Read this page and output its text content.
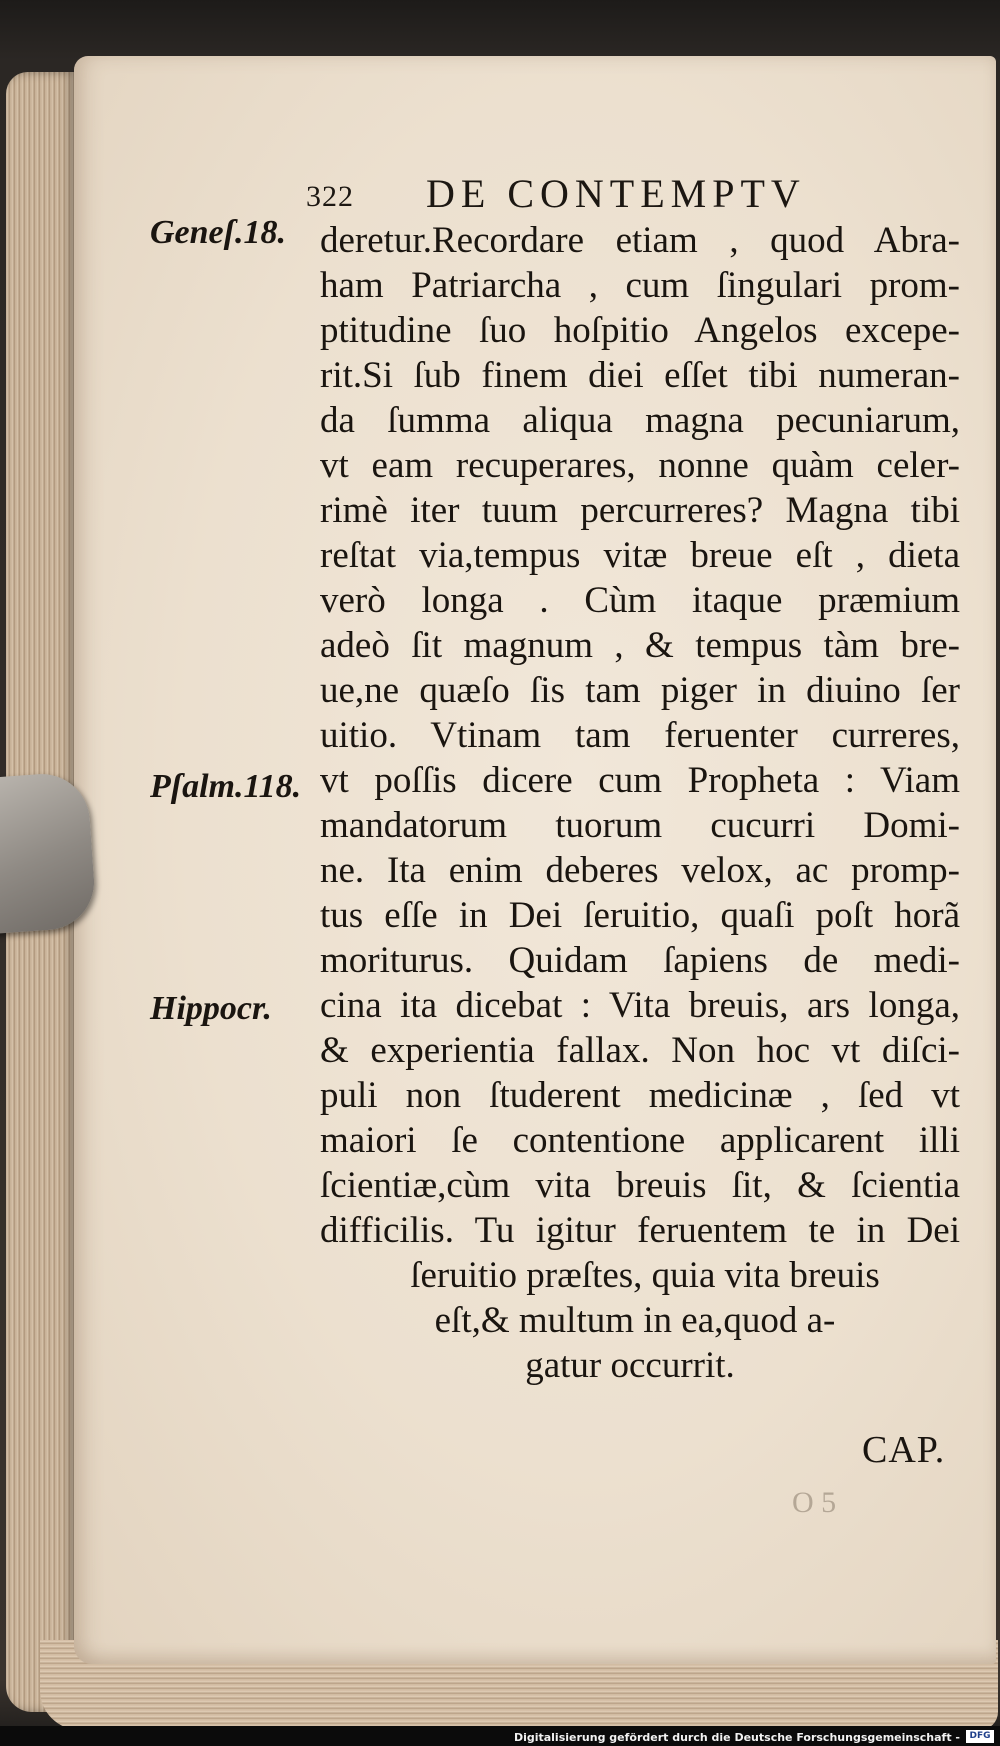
322 DE CONTEMPTV
Geneſ.18.
Pſalm.118.
Hippocr.
deretur.Recordare etiam , quod Abra-
ham Patriarcha , cum ſingulari prom-
ptitudine ſuo hoſpitio Angelos excepe-
rit.Si ſub finem diei eſſet tibi numeran-
da ſumma aliqua magna pecuniarum,
vt eam recuperares, nonne quàm celer-
rimè iter tuum percurreres? Magna tibi
reſtat via,tempus vitæ breue eſt , dieta
verò longa . Cùm itaque præmium
adeò ſit magnum , & tempus tàm bre-
ue,ne quæſo ſis tam piger in diuino ſer
uitio. Vtinam tam feruenter curreres,
vt poſſis dicere cum Propheta : Viam
mandatorum tuorum cucurri Domi-
ne. Ita enim deberes velox, ac promp-
tus eſſe in Dei ſeruitio, quaſi poſt horã
moriturus. Quidam ſapiens de medi-
cina ita dicebat : Vita breuis, ars longa,
& experientia fallax. Non hoc vt diſci-
puli non ſtuderent medicinæ , ſed vt
maiori ſe contentione applicarent illi
ſcientiæ,cùm vita breuis ſit, & ſcientia
difficilis. Tu igitur feruentem te in Dei
ſeruitio præſtes, quia vita breuis
eſt,& multum in ea,quod a-
gatur occurrit.
CAP.
O 5
Digitalisierung gefördert durch die Deutsche Forschungsgemeinschaft -	DFG
